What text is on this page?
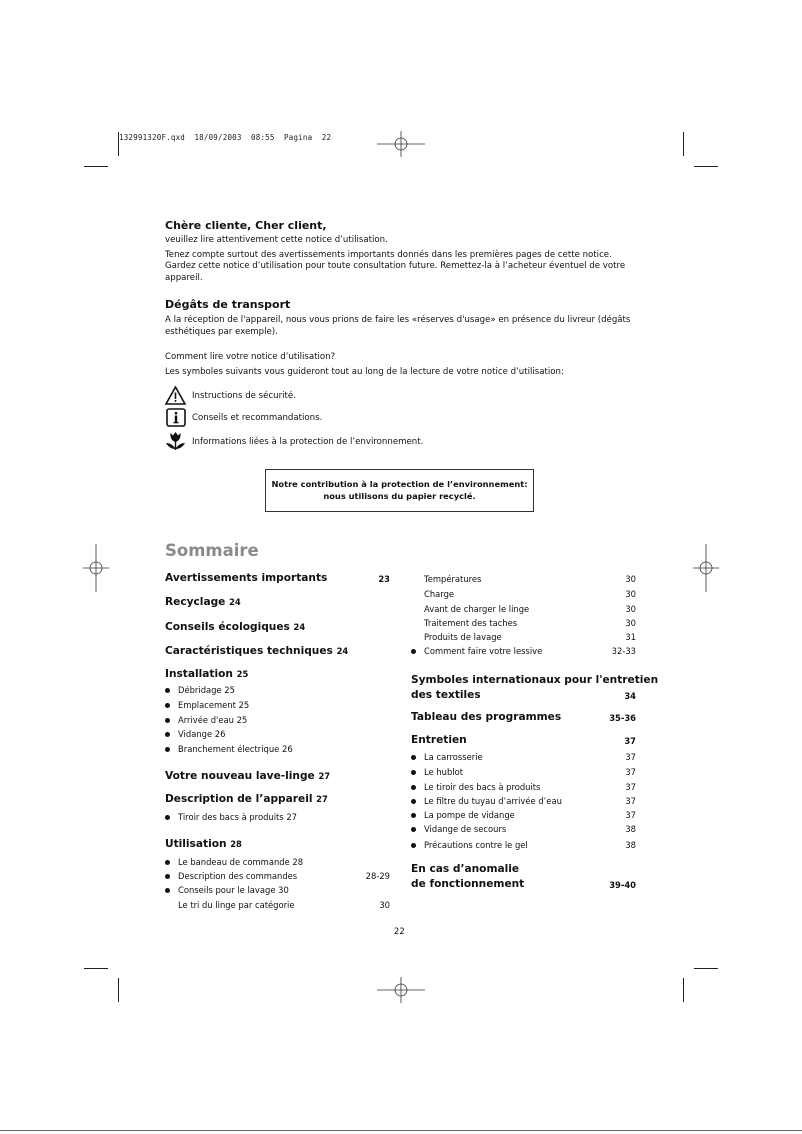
132991320F.qxd  18/09/2003  08:55  Pagina  22
Chère cliente, Cher client,
veuillez lire attentivement cette notice d’utilisation.
Tenez compte surtout des avertissements importants donnés dans les premières pages de cette notice.
Gardez cette notice d’utilisation pour toute consultation future. Remettez-la à l’acheteur éventuel de votre
appareil.
Dégâts de transport
A la réception de l'appareil, nous vous prions de faire les «réserves d'usage» en présence du livreur (dégâts
esthétiques par exemple).
Comment lire votre notice d’utilisation?
Les symboles suivants vous guideront tout au long de la lecture de votre notice d’utilisation:
Instructions de sécurité.
Conseils et recommandations.
Informations liées à la protection de l’environnement.
Notre contribution à la protection de l’environnement:
nous utilisons du papier recyclé.
Sommaire
Avertissements importants	23
Recyclage 24
Conseils écologiques 24
Caractéristiques techniques 24
Installation 25
Débridage 25
Emplacement 25
Arrivée d'eau 25
Vidange 26
Branchement électrique 26
Votre nouveau lave-linge 27
Description de l’appareil 27
Tiroir des bacs à produits 27
Utilisation 28
Le bandeau de commande 28
Description des commandes	28-29
Conseils pour le lavage 30
Le tri du linge par catégorie	30
Températures	30
Charge	30
Avant de charger le linge	30
Traitement des taches	30
Produits de lavage	31
Comment faire votre lessive	32-33
Symboles internationaux pour l'entretien
des textiles	34
Tableau des programmes	35-36
Entretien	37
La carrosserie	37
Le hublot	37
Le tiroir des bacs à produits	37
Le filtre du tuyau d’arrivée d’eau	37
La pompe de vidange	37
Vidange de secours	38
Précautions contre le gel	38
En cas d’anomalie
de fonctionnement	39-40
22
